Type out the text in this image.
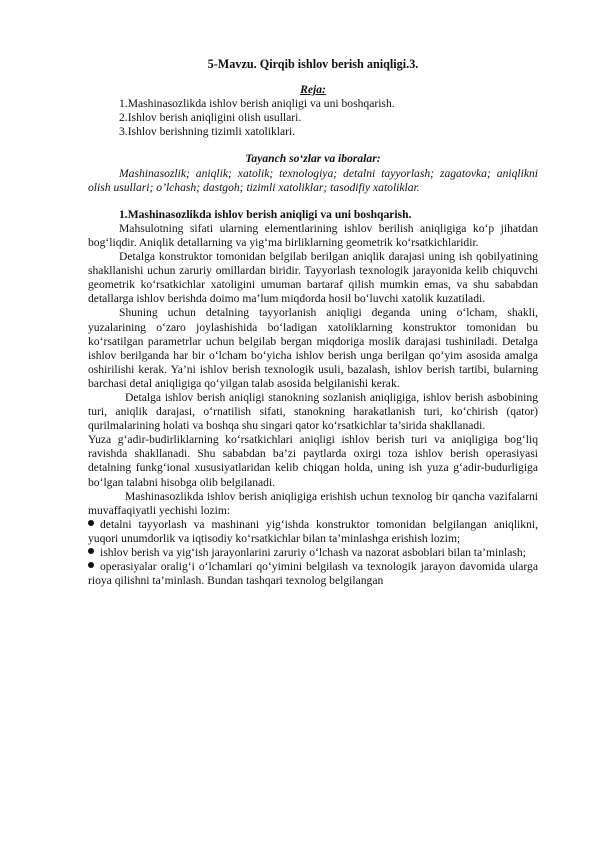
5-Mavzu. Qirqib ishlov berish aniqligi.3.
Reja:
1.Mashinasozlikda ishlov berish aniqligi va uni boshqarish.
2.Ishlov berish aniqligini olish usullari.
3.Ishlov berishning tizimli xatoliklari.
Tayanch so‘zlar va iboralar:

Mashinasozlik; aniqlik; xatolik; texnologiya; detalni tayyorlash; zagatovka; aniqlikni olish usullari; o’lchash; dastgoh; tizimli xatoliklar; tasodifiy xatoliklar.

1.Mashinasozlikda ishlov berish aniqligi va uni boshqarish.

Mahsulotning sifati ularning elementlarining ishlov berilish aniqligiga ko‘p jihatdan bog‘liqdir. Aniqlik detallarning va yig‘ma birliklarning geometrik ko‘rsatkichlaridir.

Detalga konstruktor tomonidan belgilab berilgan aniqlik darajasi uning ish qobilyatining shakllanishi uchun zaruriy omillardan biridir. Tayyorlash texnologik jarayonida kelib chiquvchi geometrik ko‘rsatkichlar xatoligini umuman bartaraf qilish mumkin emas, va shu sababdan detallarga ishlov berishda doimo ma’lum miqdorda hosil bo‘luvchi xatolik kuzatiladi.

Shuning uchun detalning tayyorlanish aniqligi deganda uning o‘lcham, shakli, yuzalarining o‘zaro joylashishida bo‘ladigan xatoliklarning konstruktor tomonidan bu ko‘rsatilgan parametrlar uchun belgilab bergan miqdoriga moslik darajasi tushiniladi. Detalga ishlov berilganda har bir o‘lcham bo‘yicha ishlov berish unga berilgan qo‘yim asosida amalga oshirilishi kerak. Ya’ni ishlov berish texnologik usuli, bazalash, ishlov berish tartibi, bularning barchasi detal aniqligiga qo‘yilgan talab asosida belgilanishi kerak.

Detalga ishlov berish aniqligi stanokning sozlanish aniqligiga, ishlov berish asbobining turi, aniqlik darajasi, o‘rnatilish sifati, stanokning harakatlanish turi, ko‘chirish (qator) qurilmalarining holati va boshqa shu singari qator ko‘rsatkichlar ta’sirida shakllanadi.

Yuza g‘adir-budirliklarning ko‘rsatkichlari aniqligi ishlov berish turi va aniqligiga bog‘liq ravishda shakllanadi. Shu sababdan ba’zi paytlarda oxirgi toza ishlov berish operasiyasi detalning funkg‘ional xususiyatlaridan kelib chiqgan holda, uning ish yuza g‘adir-budurligiga bo‘lgan talabni hisobga olib belgilanadi.

Mashinasozlikda ishlov berish aniqligiga erishish uchun texnolog bir qancha vazifalarni muvaffaqiyatli yechishi lozim:

detalni tayyorlash va mashinani yig‘ishda konstruktor tomonidan belgilangan aniqlikni, yuqori unumdorlik va iqtisodiy ko‘rsatkichlar bilan ta’minlashga erishish lozim;

ishlov berish va yig‘ish jarayonlarini zaruriy o‘lchash va nazorat asboblari bilan ta’minlash;

operasiyalar oralig‘i o‘lchamlari qo‘yimini belgilash va texnologik jarayon davomida ularga rioya qilishni ta’minlash. Bundan tashqari texnolog belgilangan
